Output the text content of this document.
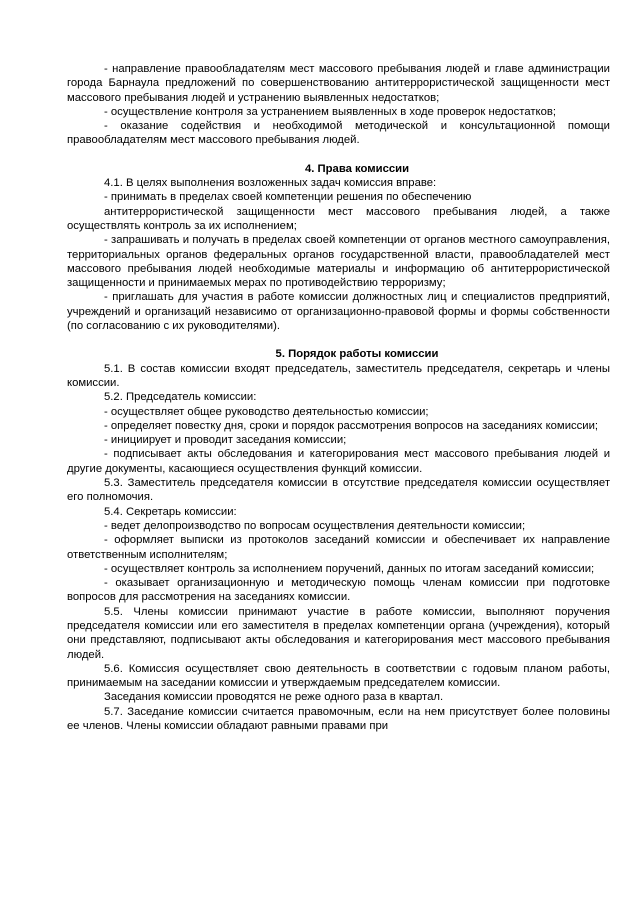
- направление правообладателям мест массового пребывания людей и главе администрации города Барнаула предложений по совершенствованию антитеррористической защищенности мест массового пребывания людей и устранению выявленных недостатков;

- осуществление контроля за устранением выявленных в ходе проверок недостатков;

- оказание содействия и необходимой методической и консультационной помощи правообладателям мест массового пребывания людей.

4. Права комиссии

4.1. В целях выполнения возложенных задач комиссия вправе:

- принимать в пределах своей компетенции решения по обеспечению

антитеррористической защищенности мест массового пребывания людей, а также осуществлять контроль за их исполнением;

- запрашивать и получать в пределах своей компетенции от органов местного самоуправления, территориальных органов федеральных органов государственной власти, правообладателей мест массового пребывания людей необходимые материалы и информацию об антитеррористической защищенности и принимаемых мерах по противодействию терроризму;

- приглашать для участия в работе комиссии должностных лиц и специалистов предприятий, учреждений и организаций независимо от организационно-правовой формы и формы собственности (по согласованию с их руководителями).

5. Порядок работы комиссии

5.1. В состав комиссии входят председатель, заместитель председателя, секретарь и члены комиссии.

5.2. Председатель комиссии:

- осуществляет общее руководство деятельностью комиссии;

- определяет повестку дня, сроки и порядок рассмотрения вопросов на заседаниях комиссии;

- инициирует и проводит заседания комиссии;

- подписывает акты обследования и категорирования мест массового пребывания людей и другие документы, касающиеся осуществления функций комиссии.

5.3. Заместитель председателя комиссии в отсутствие председателя комиссии осуществляет его полномочия.

5.4. Секретарь комиссии:

- ведет делопроизводство по вопросам осуществления деятельности комиссии;

- оформляет выписки из протоколов заседаний комиссии и обеспечивает их направление ответственным исполнителям;

- осуществляет контроль за исполнением поручений, данных по итогам заседаний комиссии;

- оказывает организационную и методическую помощь членам комиссии при подготовке вопросов для рассмотрения на заседаниях комиссии.

5.5. Члены комиссии принимают участие в работе комиссии, выполняют поручения председателя комиссии или его заместителя в пределах компетенции органа (учреждения), который они представляют, подписывают акты обследования и категорирования мест массового пребывания людей.

5.6. Комиссия осуществляет свою деятельность в соответствии с годовым планом работы, принимаемым на заседании комиссии и утверждаемым председателем комиссии.

Заседания комиссии проводятся не реже одного раза в квартал.

5.7. Заседание комиссии считается правомочным, если на нем присутствует более половины ее членов. Члены комиссии обладают равными правами при
